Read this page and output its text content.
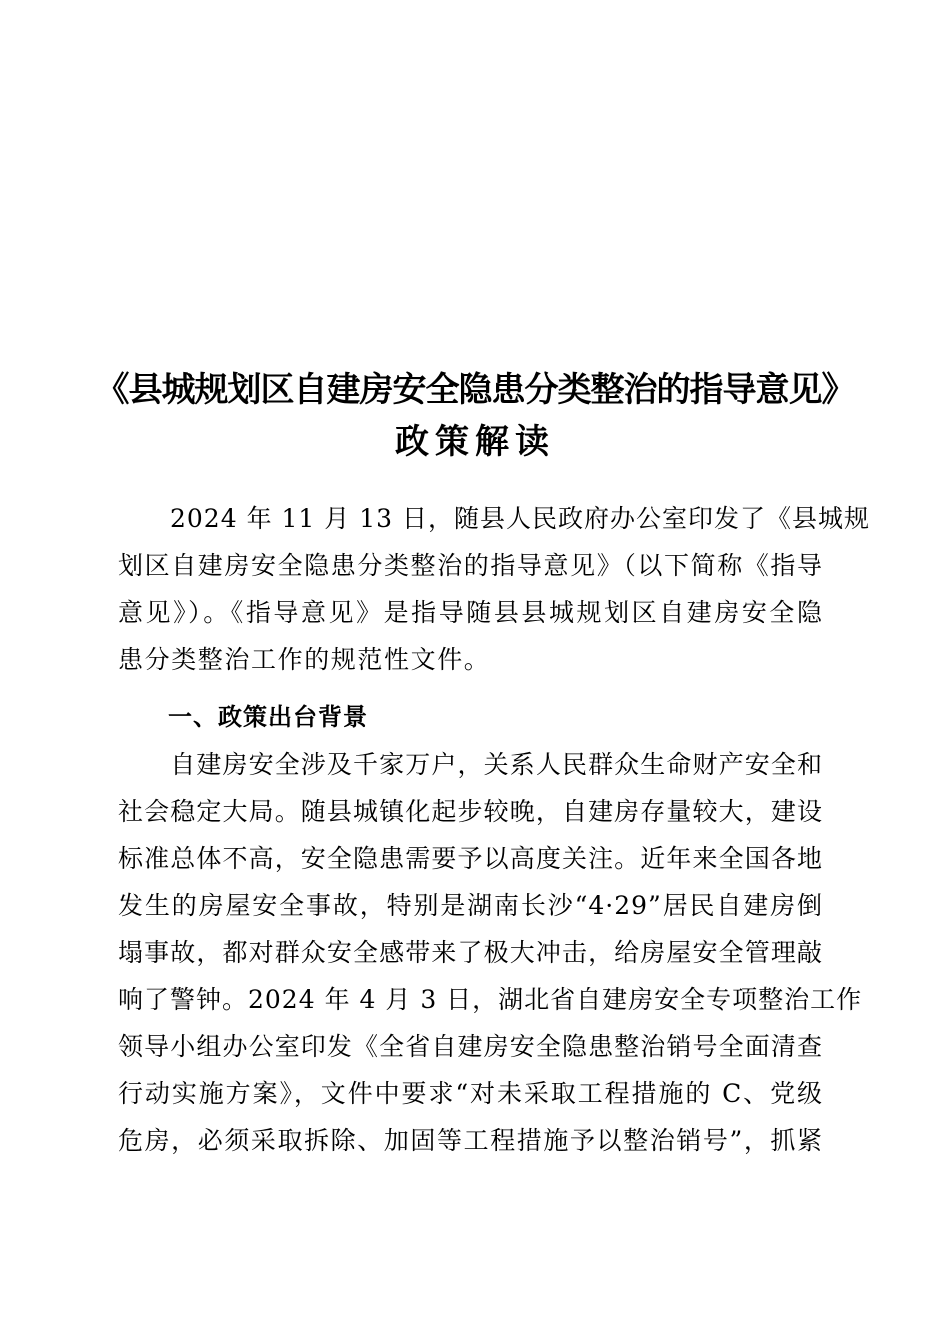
《县城规划区自建房安全隐患分类整治的指导意见》
政策解读
　　2024 年 11 月 13 日，随县人民政府办公室印发了《县城规
划区自建房安全隐患分类整治的指导意见》（以下简称《指导
意见》）。《指导意见》是指导随县县城规划区自建房安全隐
患分类整治工作的规范性文件。
一、政策出台背景
　　自建房安全涉及千家万户，关系人民群众生命财产安全和
社会稳定大局。随县城镇化起步较晚，自建房存量较大，建设
标准总体不高，安全隐患需要予以高度关注。近年来全国各地
发生的房屋安全事故，特别是湖南长沙“4·29”居民自建房倒
塌事故，都对群众安全感带来了极大冲击，给房屋安全管理敲
响了警钟。2024 年 4 月 3 日，湖北省自建房安全专项整治工作
领导小组办公室印发《全省自建房安全隐患整治销号全面清查
行动实施方案》，文件中要求“对未采取工程措施的 C、党级
危房，必须采取拆除、加固等工程措施予以整治销号”，抓紧
